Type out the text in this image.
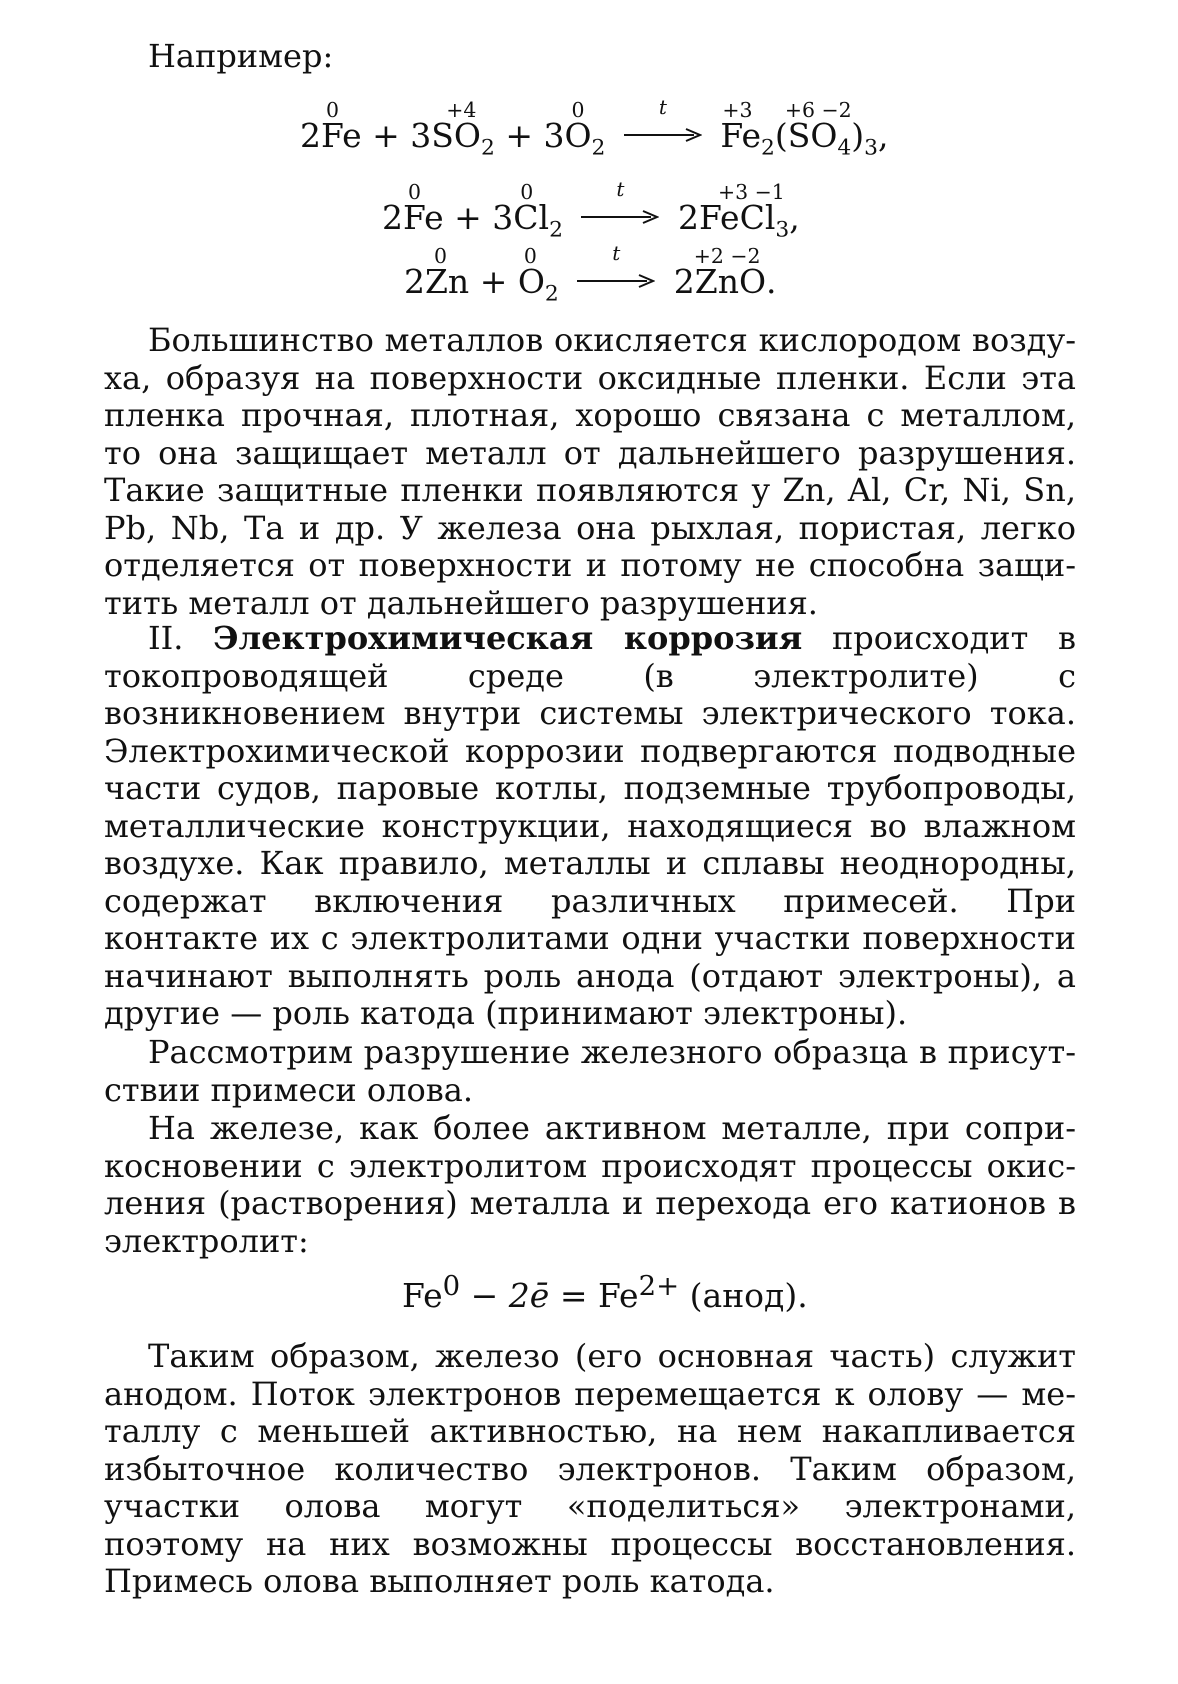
Например:
0
2Fe +
+4
$3SO_2$ +
0
$3O_2$
t
	+3
$Fe_2$
+6 −2
$(SO_4)_3$,
0
2Fe +
0
$3Cl_2$
t
	+3 −1
2FeCl$_3$,
0
2Zn +
0
$O_2$
t
	+2 −2
2ZnO.
Большинство металлов окисляется кислородом воздуха, образуя на поверхности оксидные пленки. Если эта пленка прочная, плотная, хорошо связана с металлом, то она защищает металл от дальнейшего разрушения. Такие защитные пленки появляются у Zn, Al, Cr, Ni, Sn, Pb, Nb, Та и др. У железа она рыхлая, пористая, легко отделяется от поверхности и потому не способна защитить металл от дальнейшего разрушения.
II. Электрохимическая коррозия происходит в токопроводящей среде (в электролите) с возникновением внутри системы электрического тока. Электрохимической коррозии подвергаются подводные части судов, паровые котлы, подземные трубопроводы, металлические конструкции, находящиеся во влажном воздухе. Как правило, металлы и сплавы неоднородны, содержат включения различных примесей. При контакте их с электролитами одни участки поверхности начинают выполнять роль анода (отдают электроны), а другие — роль катода (принимают электроны).
Рассмотрим разрушение железного образца в присутствии примеси олова.
На железе, как более активном металле, при соприкосновении с электролитом происходят процессы окисления (растворения) металла и перехода его катионов в электролит:
$Fe^0$ − 2ē = $Fe^{2+}$ (анод).
Таким образом, железо (его основная часть) служит анодом. Поток электронов перемещается к олову — металлу с меньшей активностью, на нем накапливается избыточное количество электронов. Таким образом, участки олова могут «поделиться» электронами, поэтому на них возможны процессы восстановления. Примесь олова выполняет роль катода.
